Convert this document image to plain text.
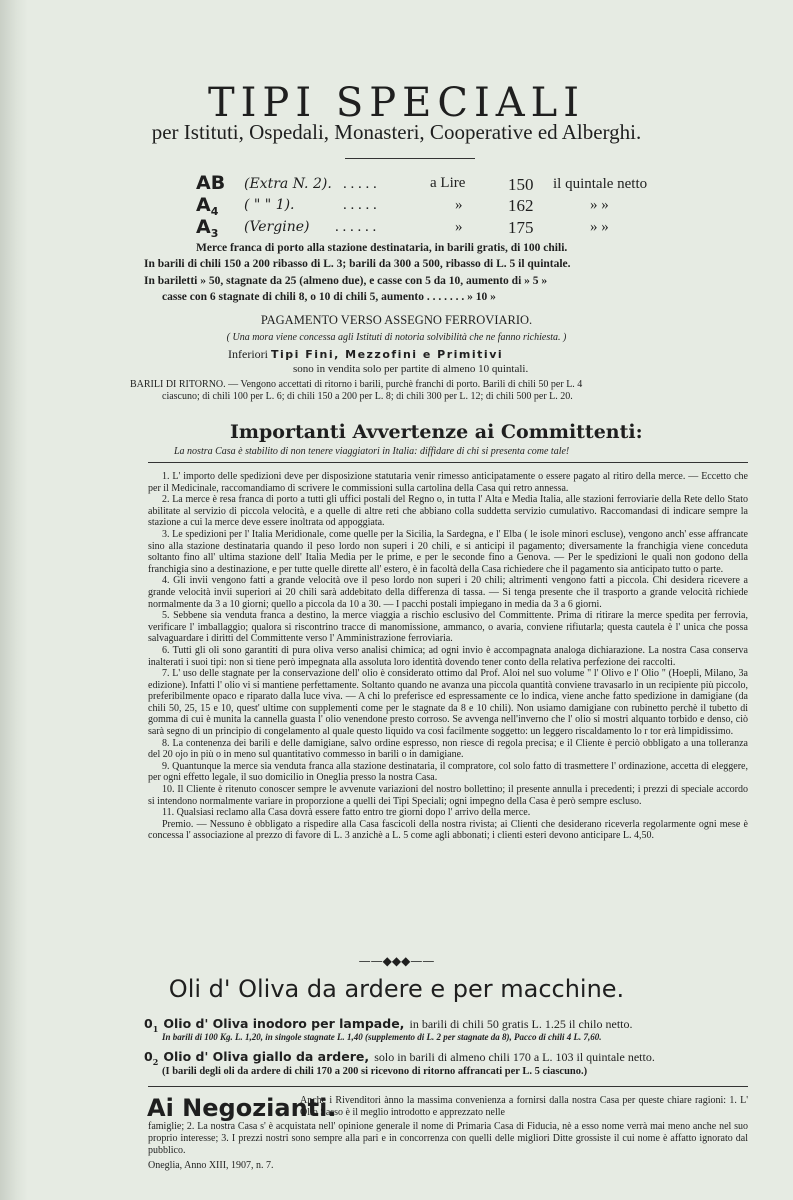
TIPI SPECIALI
per Istituti, Ospedali, Monasteri, Cooperative ed Alberghi.
AB (Extra N. 2). . . . . .	a Lire	150 il quintale netto
$A_4$ ( " " 1).	. . . . .	»	162	» »
$A_3$ (Vergine) . . . . . .	»	175	» »
Merce franca di porto alla stazione destinataria, in barili gratis, di 100 chili.
In barili di chili 150 a 200 ribasso di L. 3; barili da 300 a 500, ribasso di L. 5 il quintale.
In bariletti » 50, stagnate da 25 (almeno due), e casse con 5 da 10, aumento di » 5 »
casse con 6 stagnate di chili 8, o 10 di chili 5, aumento . . . . . . . » 10 »
PAGAMENTO VERSO ASSEGNO FERROVIARIO.
( Una mora viene concessa agli Istituti di notoria solvibilità che ne fanno richiesta. )
Inferiori Tipi Fini, Mezzofini e Primitivi
sono in vendita solo per partite di almeno 10 quintali.
BARILI DI RITORNO. — Vengono accettati di ritorno i barili, purchè franchi di porto. Barili di chili 50 per L. 4
ciascuno; di chili 100 per L. 6; di chili 150 a 200 per L. 8; di chili 300 per L. 12; di chili 500 per L. 20.
Importanti Avvertenze ai Committenti:
La nostra Casa è stabilito di non tenere viaggiatori in Italia: diffidare di chi si presenta come tale!

1. L' importo delle spedizioni deve per disposizione statutaria venir rimesso anticipatamente o essere pagato al ritiro della merce. — Eccetto che per il Medicinale, raccomandiamo di scrivere le commissioni sulla cartolina della Casa qui retro annessa.

2. La merce è resa franca di porto a tutti gli uffici postali del Regno o, in tutta l' Alta e Media Italia, alle stazioni ferroviarie della Rete dello Stato abilitate al servizio di piccola velocità, e a quelle di altre reti che abbiano colla suddetta servizio cumulativo. Raccomandasi di indicare sempre la stazione a cui la merce deve essere inoltrata od appoggiata.

3. Le spedizioni per l' Italia Meridionale, come quelle per la Sicilia, la Sardegna, e l' Elba ( le isole minori escluse), vengono anch' esse affrancate sino alla stazione destinataria quando il peso lordo non superi i 20 chili, e si anticipi il pagamento; diversamente la franchigia viene conceduta soltanto fino all' ultima stazione dell' Italia Media per le prime, e per le seconde fino a Genova. — Per le spedizioni le quali non godono della franchigia sino a destinazione, e per tutte quelle dirette all' estero, è in facoltà della Casa richiedere che il pagamento sia anticipato tutto o parte.

4. Gli invii vengono fatti a grande velocità ove il peso lordo non superi i 20 chili; altrimenti vengono fatti a piccola. Chi desidera ricevere a grande velocità invii superiori ai 20 chili sarà addebitato della differenza di tassa. — Si tenga presente che il trasporto a grande velocità richiede normalmente da 3 a 10 giorni; quello a piccola da 10 a 30. — I pacchi postali impiegano in media da 3 a 6 giorni.

5. Sebbene sia venduta franca a destino, la merce viaggia a rischio esclusivo del Committente. Prima di ritirare la merce spedita per ferrovia, verificare l' imballaggio; qualora si riscontrino tracce di manomissione, ammanco, o avaria, conviene rifiutarla; questa cautela è l' unica che possa salvaguardare i diritti del Committente verso l' Amministrazione ferroviaria.

6. Tutti gli oli sono garantiti di pura oliva verso analisi chimica; ad ogni invio è accompagnata analoga dichiarazione. La nostra Casa conserva inalterati i suoi tipi: non si tiene però impegnata alla assoluta loro identità dovendo tener conto della relativa perfezione dei raccolti.

7. L' uso delle stagnate per la conservazione dell' olio è considerato ottimo dal Prof. Aloi nel suo volume " l' Olivo e l' Olio " (Hoepli, Milano, 3a edizione). Infatti l' olio vi si mantiene perfettamente. Soltanto quando ne avanza una piccola quantità conviene travasarlo in un recipiente più piccolo, preferibilmente opaco e riparato dalla luce viva. — A chi lo preferisce ed espressamente ce lo indica, viene anche fatto spedizione in damigiane (da chili 50, 25, 15 e 10, quest' ultime con supplementi come per le stagnate da 8 e 10 chili). Non usiamo damigiane con rubinetto perchè il tubetto di gomma di cui è munita la cannella guasta l' olio venendone presto corroso. Se avvenga nell'inverno che l' olio si mostri alquanto torbido e denso, ciò sarà segno di un principio di congelamento al quale questo liquido va così facilmente soggetto: un leggero riscaldamento lo r tor erà limpidissimo.

8. La contenenza dei barili e delle damigiane, salvo ordine espresso, non riesce di regola precisa; e il Cliente è perciò obbligato a una tolleranza del 20 ojo in più o in meno sul quantitativo commesso in barili o in damigiane.

9. Quantunque la merce sia venduta franca alla stazione destinataria, il compratore, col solo fatto di trasmettere l' ordinazione, accetta di eleggere, per ogni effetto legale, il suo domicilio in Oneglia presso la nostra Casa.

10. Il Cliente è ritenuto conoscer sempre le avvenute variazioni del nostro bollettino; il presente annulla i precedenti; i prezzi di speciale accordo si intendono normalmente variare in proporzione a quelli dei Tipi Speciali; ogni impegno della Casa è però sempre escluso.

11. Qualsiasi reclamo alla Casa dovrà essere fatto entro tre giorni dopo l' arrivo della merce.

Premio. — Nessuno è obbligato a rispedire alla Casa fascicoli della nostra rivista; ai Clienti che desiderano riceverla regolarmente ogni mese è concessa l' associazione al prezzo di favore di L. 3 anzichè a L. 5 come agli abbonati; i clienti esteri devono anticipare L. 4,50.

——◆◆◆——
Oli d' Oliva da ardere e per macchine.
$0_1$ Olio d' Oliva inodoro per lampade, in barili di chili 50 gratis L. 1.25 il chilo netto.
In barili di 100 Kg. L. 1,20, in singole stagnate L. 1,40 (supplemento di L. 2 per stagnate da 8), Pacco di chili 4 L. 7,60.
$0_2$ Olio d' Oliva giallo da ardere, solo in barili di almeno chili 170 a L. 103 il quintale netto.
(I barili degli oli da ardere di chili 170 a 200 si ricevono di ritorno affrancati per L. 5 ciascuno.)
Ai Negozianti.
Anche i Rivenditori ànno la massima convenienza a fornirsi dalla nostra Casa per queste chiare ragioni: 1. L' Olio Sasso è il meglio introdotto e apprezzato nelle
famiglie; 2. La nostra Casa s' è acquistata nell' opinione generale il nome di Primaria Casa di Fiducia, nè a esso nome verrà mai meno anche nel suo proprio interesse; 3. I prezzi nostri sono sempre alla pari e in concorrenza con quelli delle migliori Ditte grossiste il cui nome è affatto ignorato dal pubblico.
Oneglia, Anno XIII, 1907, n. 7.
